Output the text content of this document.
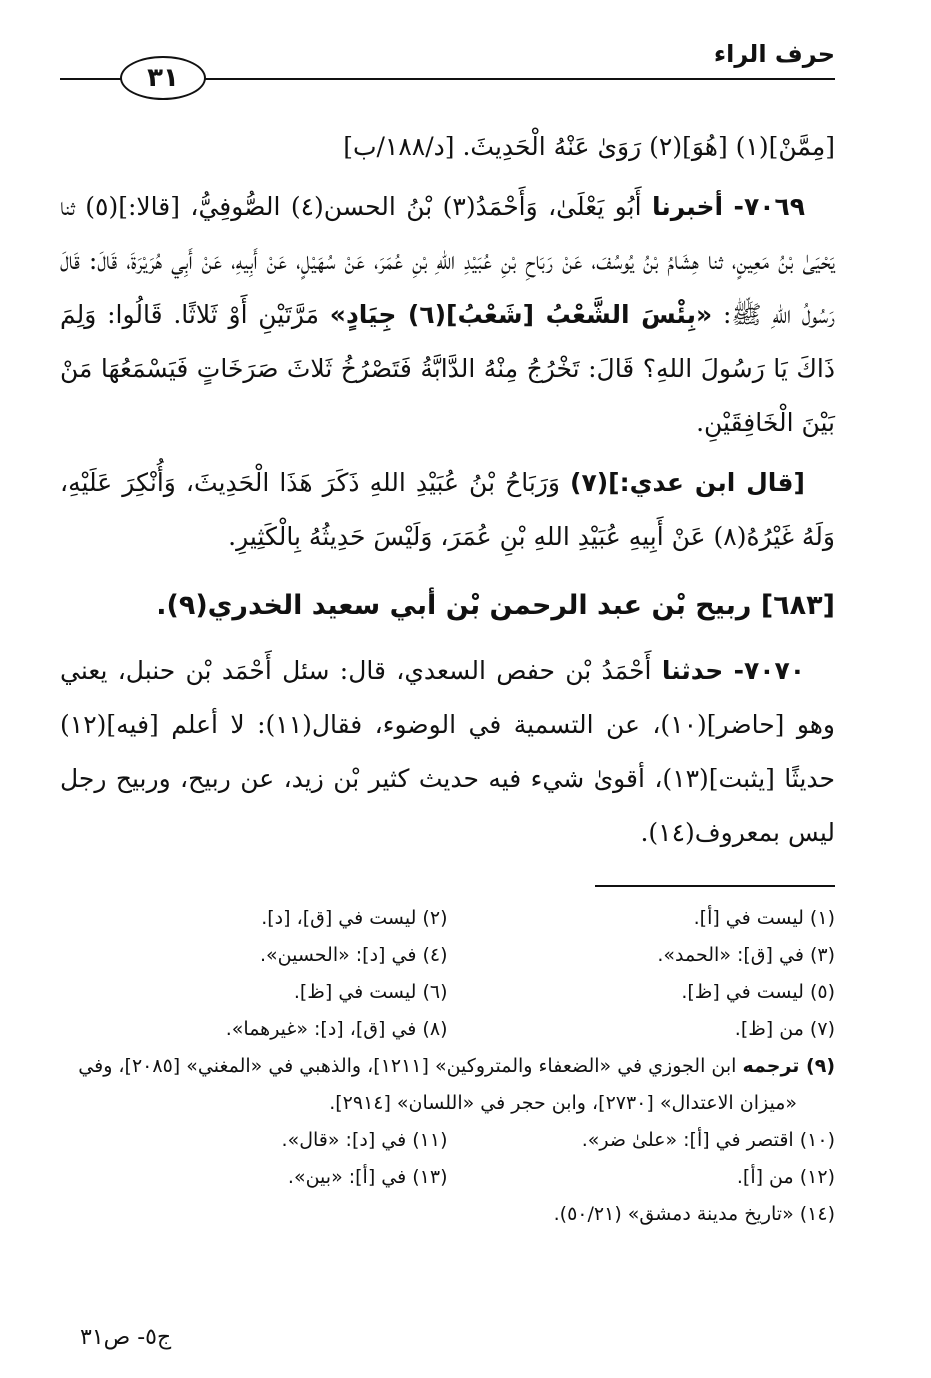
حرف الراء
٣١

[مِمَّنْ](١) [هُوَ](٢) رَوَىٰ عَنْهُ الْحَدِيثَ. [د/١٨٨/ب]

٧٠٦٩- أخبرنا أَبُو يَعْلَىٰ، وَأَحْمَدُ(٣) بْنُ الحسن(٤) الصُّوفِيُّ، [قالا:](٥) ثنا يَحْيَىٰ بْنُ مَعِينٍ، ثنا هِشَامُ بْنُ يُوسُفَ، عَنْ رَبَاحِ بْنِ عُبَيْدِ اللهِ بْنِ عُمَرَ، عَنْ سُهَيْلٍ، عَنْ أَبِيهِ، عَنْ أَبِي هُرَيْرَةَ، قَالَ: قَالَ رَسُولُ اللهِ ﷺ: «بِئْسَ الشَّعْبُ [شَعْبُ](٦) جِيَادٍ» مَرَّتَيْنِ أَوْ ثَلاثًا. قَالُوا: وَلِمَ ذَاكَ يَا رَسُولَ اللهِ؟ قَالَ: تَخْرُجُ مِنْهُ الدَّابَّةُ فَتَصْرُخُ ثَلاثَ صَرَخَاتٍ فَيَسْمَعُهَا مَنْ بَيْنَ الْخَافِقَيْنِ.

[قال ابن عدي:](٧) وَرَبَاحُ بْنُ عُبَيْدِ اللهِ ذَكَرَ هَذَا الْحَدِيثَ، وَأُنْكِرَ عَلَيْهِ، وَلَهُ غَيْرُهُ(٨) عَنْ أَبِيهِ عُبَيْدِ اللهِ بْنِ عُمَرَ، وَلَيْسَ حَدِيثُهُ بِالْكَثِيرِ.

[٦٨٣] ربيح بْن عبد الرحمن بْن أبي سعيد الخدري(٩).

٧٠٧٠- حدثنا أَحْمَدُ بْن حفص السعدي، قال: سئل أَحْمَد بْن حنبل، يعني وهو [حاضر](١٠)، عن التسمية في الوضوء، فقال(١١): لا أعلم [فيه](١٢) حديثًا [يثبت](١٣)، أقوىٰ شيء فيه حديث كثير بْن زيد، عن ربيح، وربيح رجل ليس بمعروف(١٤).

(١) ليست في [أ].
(٢) ليست في [ق]، [د].
(٣) في [ق]: «الحمد».
(٤) في [د]: «الحسين».
(٥) ليست في [ظ].
(٦) ليست في [ظ].
(٧) من [ظ].
(٨) في [ق]، [د]: «غيرهما».
(٩) ترجمه ابن الجوزي في «الضعفاء والمتروكين» [١٢١١]، والذهبي في «المغني» [٢٠٨٥]، وفي
«ميزان الاعتدال» [٢٧٣٠]، وابن حجر في «اللسان» [٢٩١٤].
(١٠) اقتصر في [أ]: «علىٰ ضر».
(١١) في [د]: «قال».
(١٢) من [أ].
(١٣) في [أ]: «بين».
(١٤) «تاريخ مدينة دمشق» (٥٠/٢١).
ج٥- ص٣١
